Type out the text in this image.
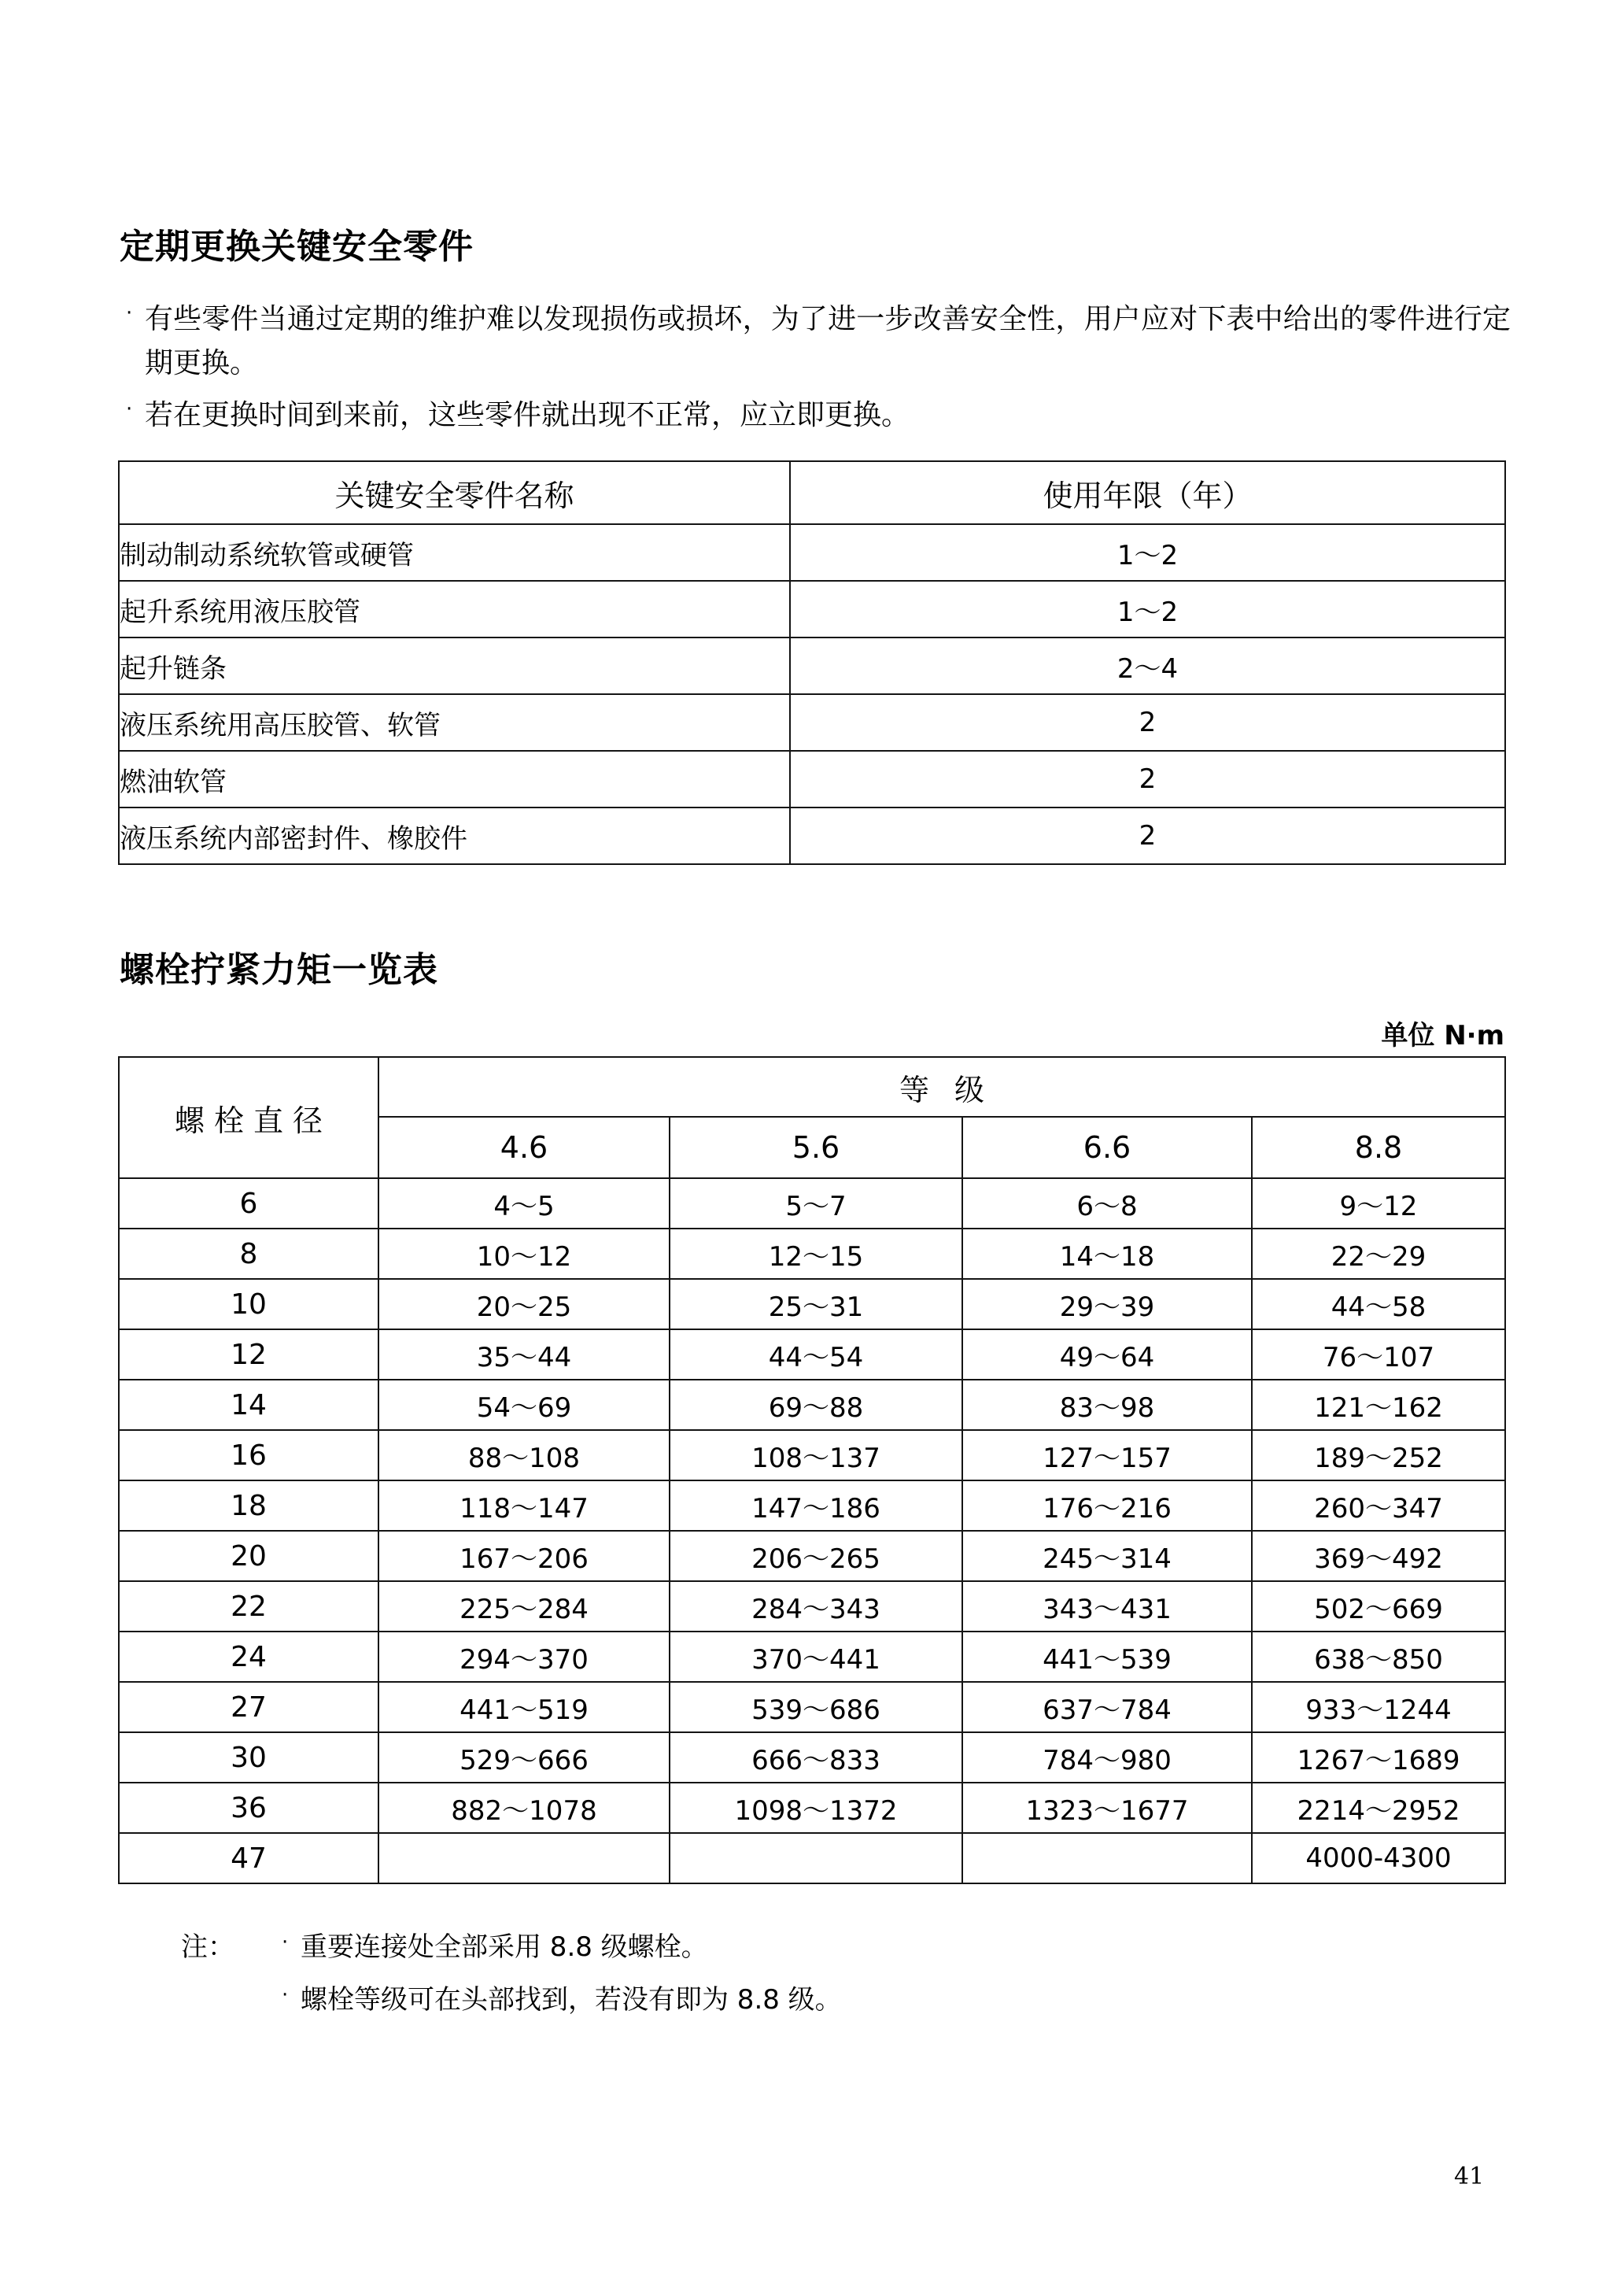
定期更换关键安全零件
· 有些零件当通过定期的维护难以发现损伤或损坏，为了进一步改善安全性，用户应对下表中给出的零件进行定期更换。
· 若在更换时间到来前，这些零件就出现不正常，应立即更换。
关键安全零件名称	使用年限（年）
制动制动系统软管或硬管	1～2
起升系统用液压胶管	1～2
起升链条	2～4
液压系统用高压胶管、软管	2
燃油软管	2
液压系统内部密封件、橡胶件	2
螺栓拧紧力矩一览表
单位 N·m
螺栓直径	等级			
	4.6	5.6	6.6	8.8
6	4～5	5～7	6～8	9～12
8	10～12	12～15	14～18	22～29
10	20～25	25～31	29～39	44～58
12	35～44	44～54	49～64	76～107
14	54～69	69～88	83～98	121～162
16	88～108	108～137	127～157	189～252
18	118～147	147～186	176～216	260～347
20	167～206	206～265	245～314	369～492
22	225～284	284～343	343～431	502～669
24	294～370	370～441	441～539	638～850
27	441～519	539～686	637～784	933～1244
30	529～666	666～833	784～980	1267～1689
36	882～1078	1098～1372	1323～1677	2214～2952
47				4000-4300
注：	· 重要连接处全部采用 8.8 级螺栓。
· 螺栓等级可在头部找到，若没有即为 8.8 级。
41
